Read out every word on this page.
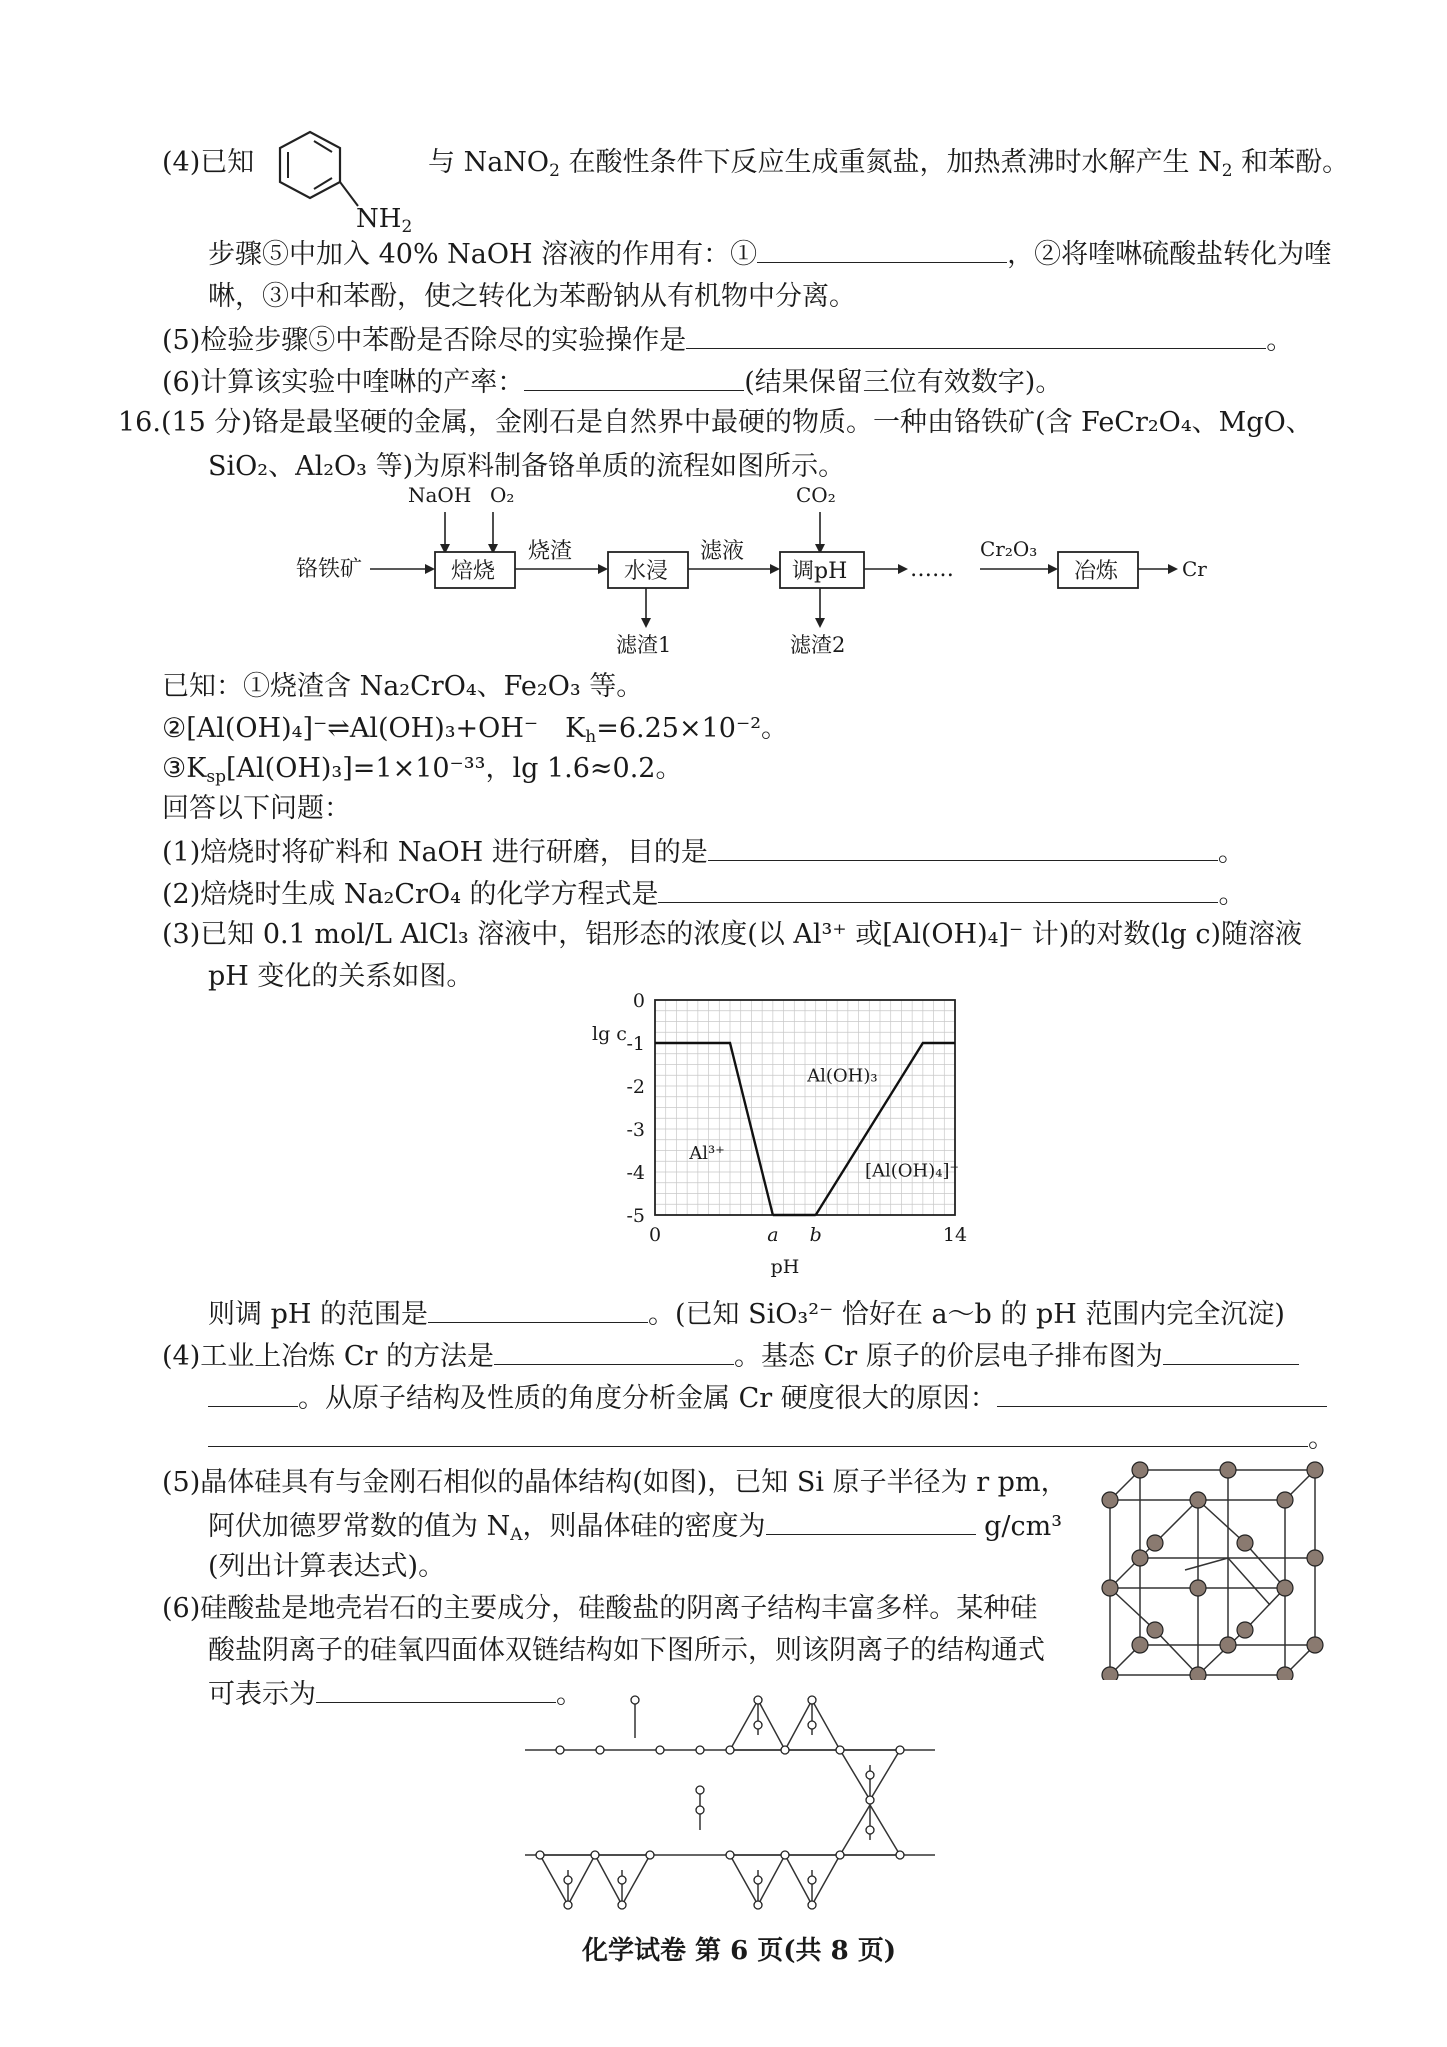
(4)已知
$NH_2$
与 NaNO$_2$ 在酸性条件下反应生成重氮盐，加热煮沸时水解产生 $N_2$ 和苯酚。
步骤⑤中加入 40% NaOH 溶液的作用有：①	，②将喹啉硫酸盐转化为喹
啉，③中和苯酚，使之转化为苯酚钠从有机物中分离。
(5)检验步骤⑤中苯酚是否除尽的实验操作是	。
(6)计算该实验中喹啉的产率：	(结果保留三位有效数字)。
16.(15 分)铬是最坚硬的金属，金刚石是自然界中最硬的物质。一种由铬铁矿(含 FeCr₂O₄、MgO、
SiO₂、Al₂O₃ 等)为原料制备铬单质的流程如图所示。
铬铁矿
NaOH O₂
焙烧
烧渣
水浸
滤渣1
滤液
CO₂
调pH
滤渣2
……
Cr₂O₃
冶炼	Cr
已知：①烧渣含 Na₂CrO₄、Fe₂O₃ 等。
②[Al(OH)₄]⁻⇌Al(OH)₃+OH⁻　$K_h=6.25\times 10^{-2}$。
$③K_{sp}[Al(OH)_3]=1\times 10^{-33}$，lg 1.6≈0.2。
回答以下问题：
(1)焙烧时将矿料和 NaOH 进行研磨，目的是	。
(2)焙烧时生成 Na₂CrO₄ 的化学方程式是	。
(3)已知 0.1 mol/L AlCl₃ 溶液中，铝形态的浓度(以 Al³⁺ 或[Al(OH)₄]⁻ 计)的对数(lg c)随溶液
pH 变化的关系如图。
0
-1
-2
-3
-4
-5
lg c
0	a b	14
pH
Al³⁺
Al(OH)₃
[Al(OH)₄]⁻
则调 pH 的范围是	。(已知 SiO₃²⁻ 恰好在 a～b 的 pH 范围内完全沉淀)
(4)工业上冶炼 Cr 的方法是	。基态 Cr 原子的价层电子排布图为
。从原子结构及性质的角度分析金属 Cr 硬度很大的原因：
。
(5)晶体硅具有与金刚石相似的晶体结构(如图)，已知 Si 原子半径为 r pm，
阿伏加德罗常数的值为 $N_A$，则晶体硅的密度为	g/cm³
(列出计算表达式)。
(6)硅酸盐是地壳岩石的主要成分，硅酸盐的阴离子结构丰富多样。某种硅
酸盐阴离子的硅氧四面体双链结构如下图所示，则该阴离子的结构通式
可表示为	。
化学试卷 第 6 页(共 8 页)
